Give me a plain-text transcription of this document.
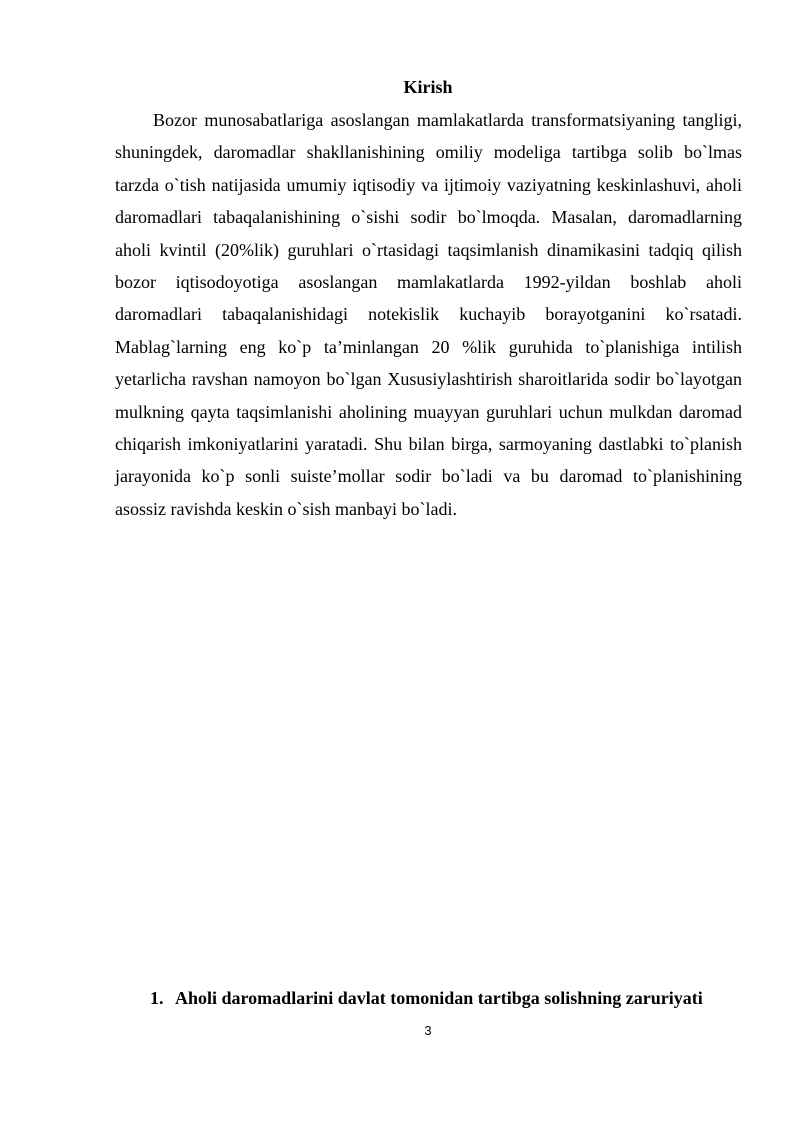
Kirish

Bozor munosabatlariga asoslangan mamlakatlarda transformatsiyaning tangligi, shuningdek, daromadlar shakllanishining omiliy modeliga tartibga solib bo`lmas tarzda o`tish natijasida umumiy iqtisodiy va ijtimoiy vaziyatning keskinlashuvi, aholi daromadlari tabaqalanishining o`sishi sodir bo`lmoqda. Masalan, daromadlarning aholi kvintil (20%lik) guruhlari o`rtasidagi taqsimlanish dinamikasini tadqiq qilish bozor iqtisodoyotiga asoslangan mamlakatlarda 1992-yildan boshlab aholi daromadlari tabaqalanishidagi notekislik kuchayib borayotganini ko`rsatadi. Mablag`larning eng ko`p ta’minlangan 20 %lik guruhida to`planishiga intilish yetarlicha ravshan namoyon bo`lgan Xususiylashtirish sharoitlarida sodir bo`layotgan mulkning qayta taqsimlanishi aholining muayyan guruhlari uchun mulkdan daromad chiqarish imkoniyatlarini yaratadi. Shu bilan birga, sarmoyaning dastlabki to`planish jarayonida ko`p sonli suiste’mollar sodir bo`ladi va bu daromad to`planishining asossiz ravishda keskin o`sish manbayi bo`ladi.

1. Aholi daromadlarini davlat tomonidan tartibga solishning zaruriyati
3
